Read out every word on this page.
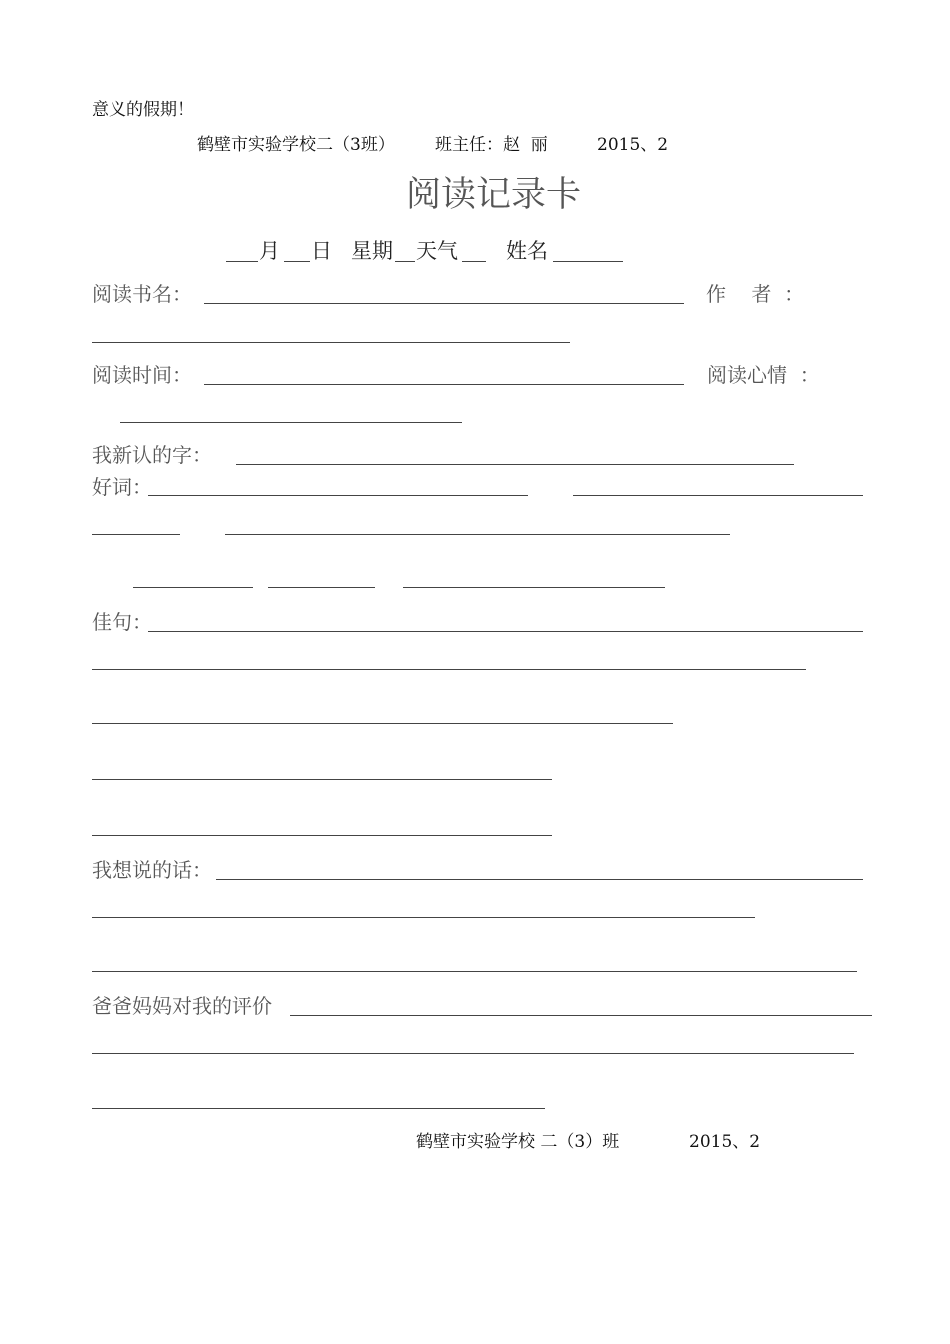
意义的假期！
鹤壁市实验学校二（3班） 班主任：赵  丽	2015、2
阅读记录卡
月 日 星期 天气 姓名
阅读书名：	作    者  ：
阅读时间：	阅读心情  ：
我新认的字：
好词：
佳句：
我想说的话：
爸爸妈妈对我的评价
鹤壁市实验学校 二（3）班	2015、2
